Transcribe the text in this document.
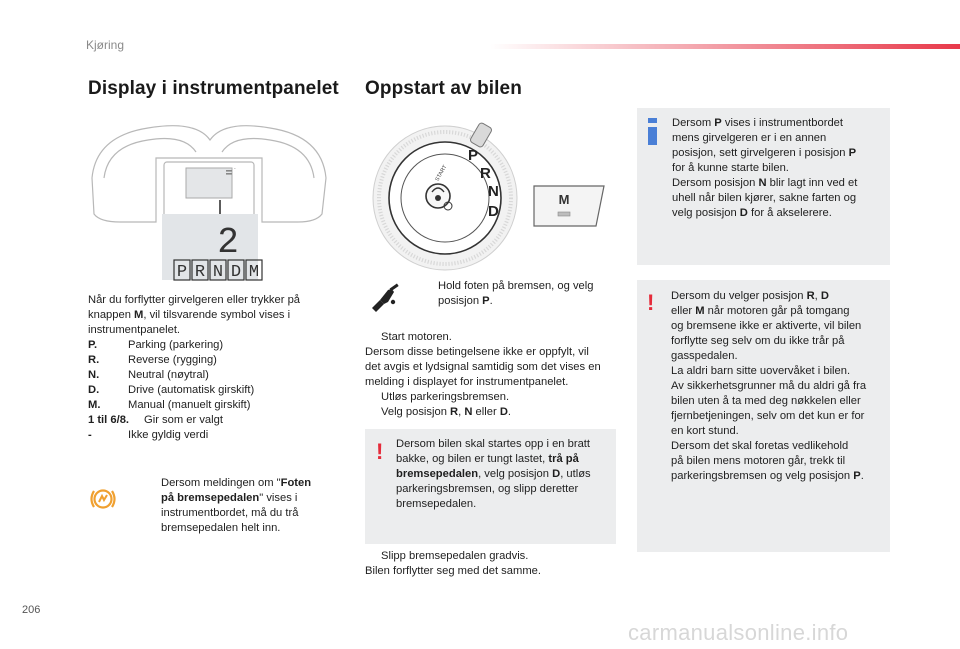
Kjøring
Display i instrumentpanelet Oppstart av bilen
-
2
P R N D M
Når du forflytter girvelgeren eller trykker på
knappen M, vil tilsvarende symbol vises i
instrumentpanelet.
P.	Parking (parkering)
R.	Reverse (rygging)
N.	Neutral (nøytral)
D.	Drive (automatisk girskift)
M.	Manual (manuelt girskift)
1 til 6/8.	Gir som er valgt
-	Ikke gyldig verdi
Dersom meldingen om "Foten
på bremsepedalen" vises i
instrumentbordet, må du trå
bremsepedalen helt inn.
P
R
N
D
START
M
Hold foten på bremsen, og velg
posisjon P.
Start motoren.
Dersom disse betingelsene ikke er oppfylt, vil
det avgis et lydsignal samtidig som det vises en
melding i displayet for instrumentpanelet.
Utløs parkeringsbremsen.
Velg posisjon R, N eller D.
! Dersom bilen skal startes opp i en bratt
bakke, og bilen er tungt lastet, trå på
bremsepedalen, velg posisjon D, utløs
parkeringsbremsen, og slipp deretter
bremsepedalen.
Slipp bremsepedalen gradvis.
Bilen forflytter seg med det samme.
Dersom P vises i instrumentbordet
mens girvelgeren er i en annen
posisjon, sett girvelgeren i posisjon P
for å kunne starte bilen.
Dersom posisjon N blir lagt inn ved et
uhell når bilen kjører, sakne farten og
velg posisjon D for å akselerere.
! Dersom du velger posisjon R, D
eller M når motoren går på tomgang
og bremsene ikke er aktiverte, vil bilen
forflytte seg selv om du ikke trår på
gasspedalen.
La aldri barn sitte uovervåket i bilen.
Av sikkerhetsgrunner må du aldri gå fra
bilen uten å ta med deg nøkkelen eller
fjernbetjeningen, selv om det kun er for
en kort stund.
Dersom det skal foretas vedlikehold
på bilen mens motoren går, trekk til
parkeringsbremsen og velg posisjon P.
206
carmanualsonline.info
